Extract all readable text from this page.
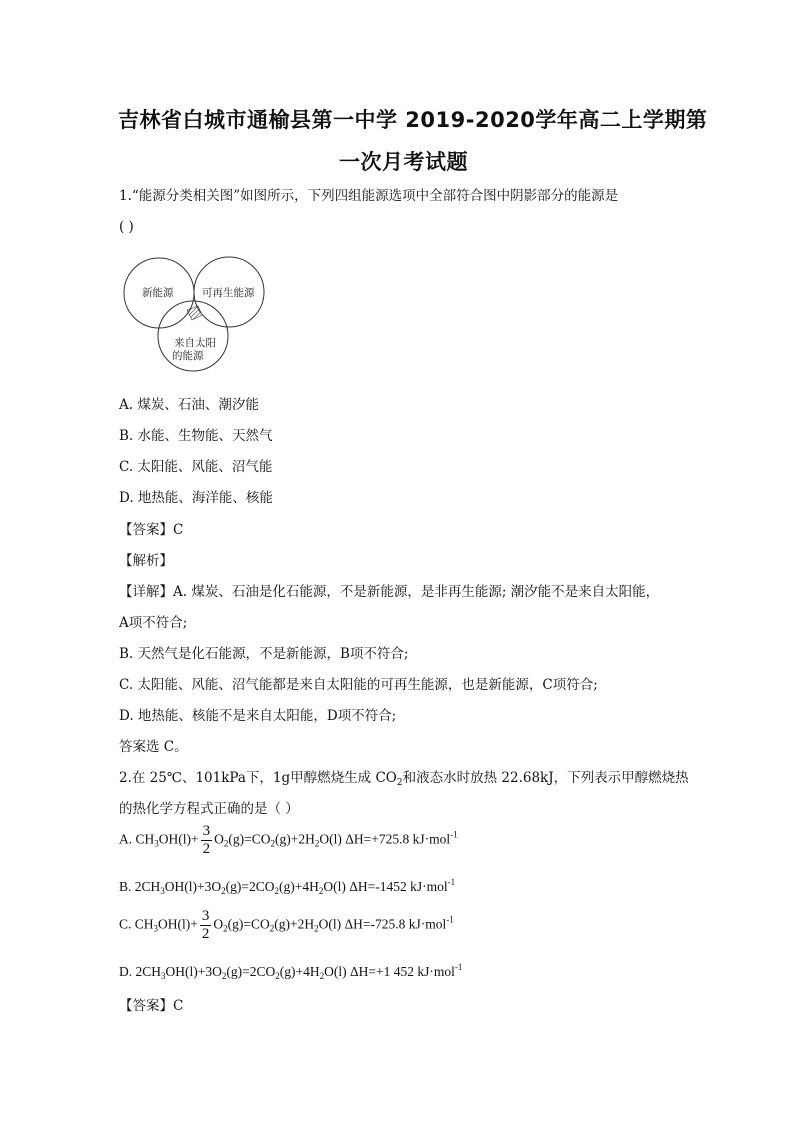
吉林省白城市通榆县第一中学 2019-2020学年高二上学期第
一次月考试题
1.“能源分类相关图”如图所示，下列四组能源选项中全部符合图中阴影部分的能源是
( )
新能源	可再生能源
来自太阳
的能源
A. 煤炭、石油、潮汐能
B. 水能、生物能、天然气
C. 太阳能、风能、沼气能
D. 地热能、海洋能、核能
【答案】C
【解析】
【详解】A. 煤炭、石油是化石能源，不是新能源，是非再生能源; 潮汐能不是来自太阳能，
A项不符合;
B. 天然气是化石能源，不是新能源，B项不符合;
C. 太阳能、风能、沼气能都是来自太阳能的可再生能源，也是新能源，C项符合;
D. 地热能、核能不是来自太阳能，D项不符合;
答案选 C。
2.在 25℃、101kPa下，1g甲醇燃烧生成 $CO_2$和液态水时放热 22.68kJ，下列表示甲醇燃烧热
的热化学方程式正确的是（ ）
A. $CH_3OH(l)+ \frac{3}{2} O_2(g)=CO_2(g)+2H_2O(l)$ ΔH=+725.8 kJ·mol$^{-1}$
B. $2CH_3OH(l)+3O_2(g)=2CO_2(g)+4H_2O(l)$ ΔH=-1452 kJ·mol$^{-1}$
C. $CH_3OH(l)+ \frac{3}{2} O_2(g)=CO_2(g)+2H_2O(l)$ ΔH=-725.8 kJ·mol$^{-1}$
D. $2CH_3OH(l)+3O_2(g)=2CO_2(g)+4H_2O(l)$ ΔH=+1 452 kJ·mol$^{-1}$
【答案】C
